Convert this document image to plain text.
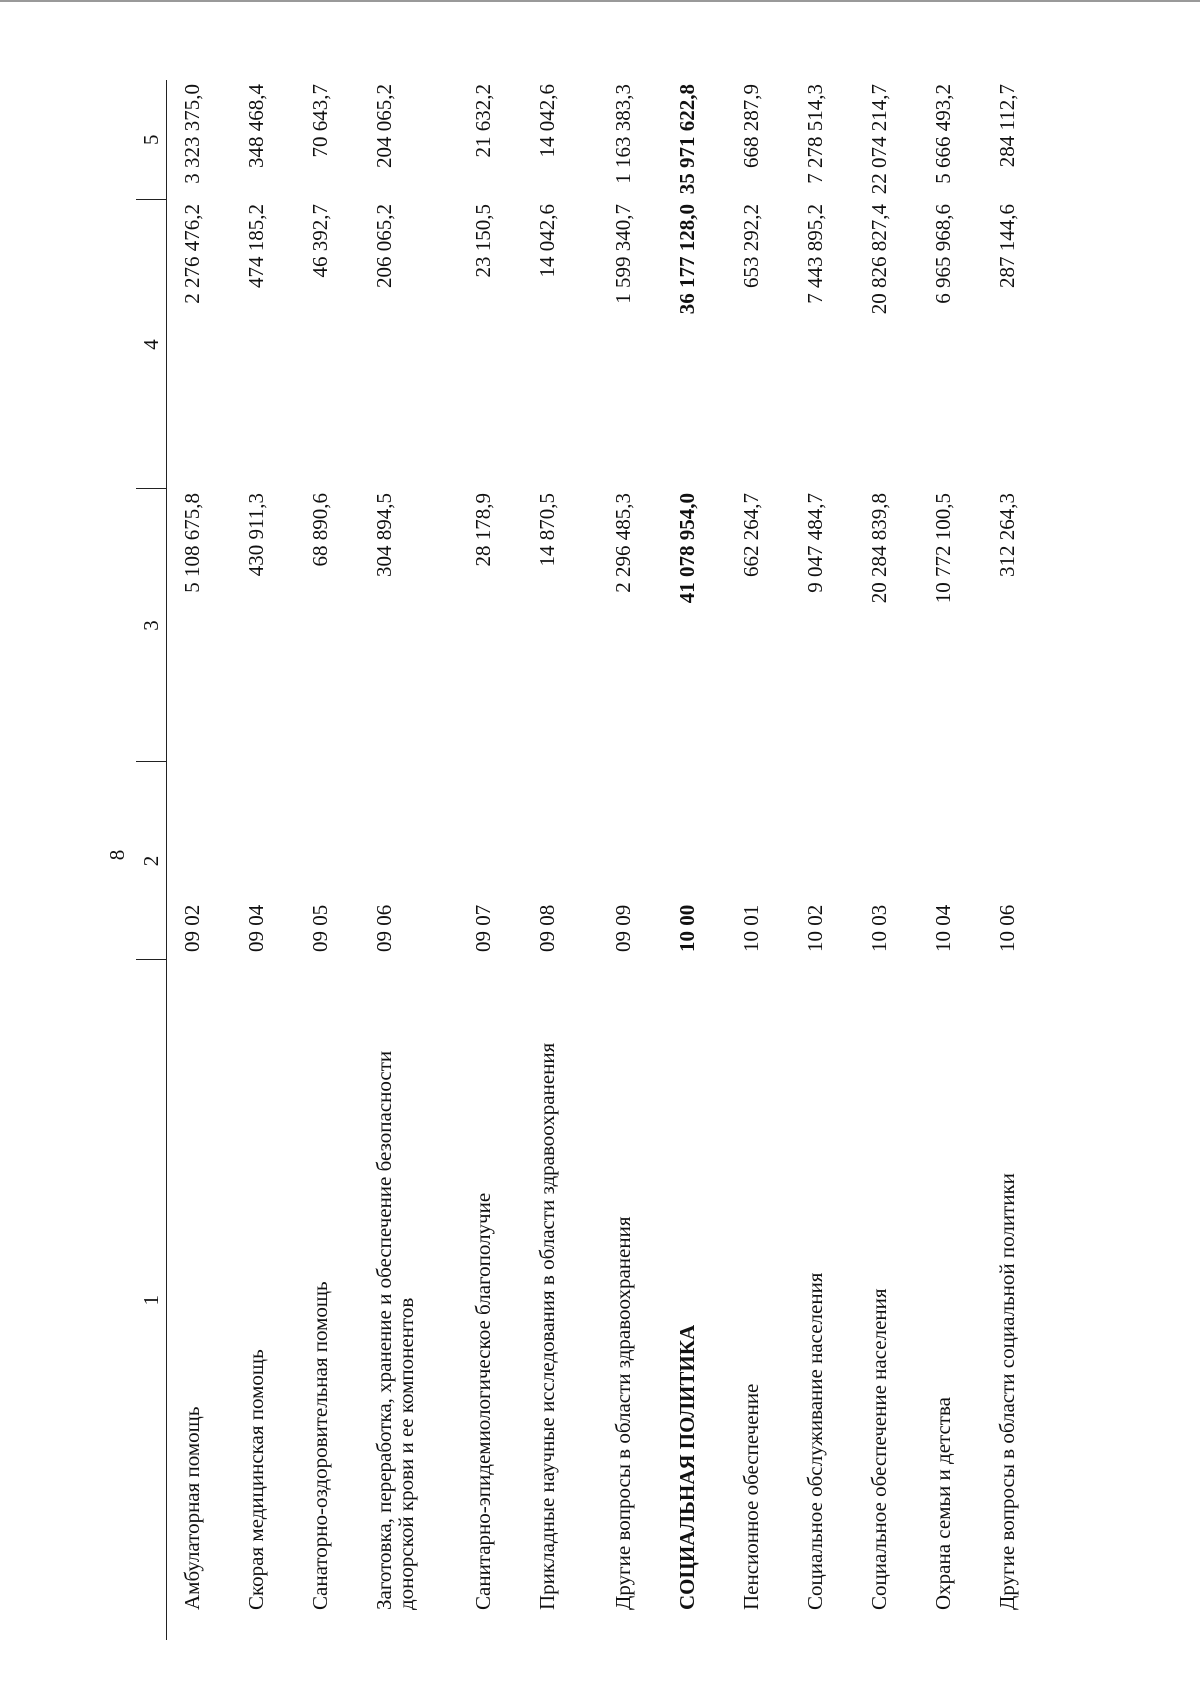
8
1	2	3	4	5
Амбулаторная помощь	09 02	5 108 675,8	2 276 476,2	3 323 375,0
Скорая медицинская помощь	09 04	430 911,3	474 185,2	348 468,4
Санаторно-оздоровительная помощь	09 05	68 890,6	46 392,7	70 643,7
Заготовка, переработка, хранение и обеспечение безопасности донорской крови и ее компонентов	09 06	304 894,5	206 065,2	204 065,2
Санитарно-эпидемиологическое благополучие	09 07	28 178,9	23 150,5	21 632,2
Прикладные научные исследования в области здравоохранения	09 08	14 870,5	14 042,6	14 042,6
Другие вопросы в области здравоохранения	09 09	2 296 485,3	1 599 340,7	1 163 383,3
СОЦИАЛЬНАЯ ПОЛИТИКА	10 00	41 078 954,0	36 177 128,0	35 971 622,8
Пенсионное обеспечение	10 01	662 264,7	653 292,2	668 287,9
Социальное обслуживание населения	10 02	9 047 484,7	7 443 895,2	7 278 514,3
Социальное обеспечение населения	10 03	20 284 839,8	20 826 827,4	22 074 214,7
Охрана семьи и детства	10 04	10 772 100,5	6 965 968,6	5 666 493,2
Другие вопросы в области социальной политики	10 06	312 264,3	287 144,6	284 112,7
